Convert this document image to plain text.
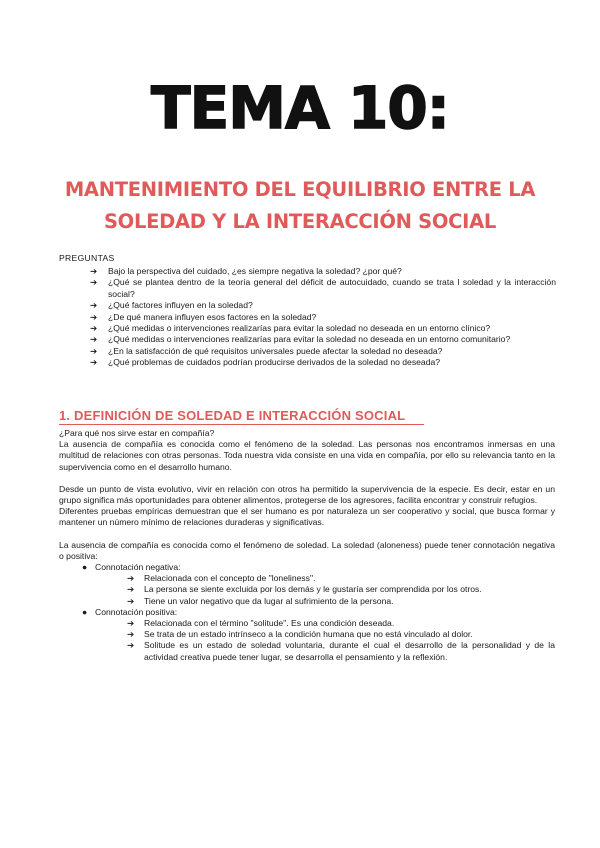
TEMA 10:
MANTENIMIENTO DEL EQUILIBRIO ENTRE LA
SOLEDAD Y LA INTERACCIÓN SOCIAL
PREGUNTAS
➔ Bajo la perspectiva del cuidado, ¿es siempre negativa la soledad? ¿por qué?
➔ ¿Qué se plantea dentro de la teoría general del déficit de autocuidado, cuando se trata l soledad y la interacción social?
➔ ¿Qué factores influyen en la soledad?
➔ ¿De qué manera influyen esos factores en la soledad?
➔ ¿Qué medidas o intervenciones realizarías para evitar la soledad no deseada en un entorno clínico?
➔ ¿Qué medidas o intervenciones realizarías para evitar la soledad no deseada en un entorno comunitario?
➔ ¿En la satisfacción de qué requisitos universales puede afectar la soledad no deseada?
➔ ¿Qué problemas de cuidados podrían producirse derivados de la soledad no deseada?
1. DEFINICIÓN DE SOLEDAD E INTERACCIÓN SOCIAL

¿Para qué nos sirve estar en compañía?

La ausencia de compañía es conocida como el fenómeno de la soledad. Las personas nos encontramos inmersas en una multitud de relaciones con otras personas. Toda nuestra vida consiste en una vida en compañía, por ello su relevancia tanto en la supervivencia como en el desarrollo humano.

Desde un punto de vista evolutivo, vivir en relación con otros ha permitido la supervivencia de la especie. Es decir, estar en un grupo significa más oportunidades para obtener alimentos, protegerse de los agresores, facilita encontrar y construir refugios.

Diferentes pruebas empíricas demuestran que el ser humano es por naturaleza un ser cooperativo y social, que busca formar y mantener un número mínimo de relaciones duraderas y significativas.

La ausencia de compañía es conocida como el fenómeno de soledad. La soledad (aloneness) puede tener connotación negativa o positiva:

● Connotación negativa:

➔ Relacionada con el concepto de "loneliness".

➔ La persona se siente excluida por los demás y le gustaría ser comprendida por los otros.

➔ Tiene un valor negativo que da lugar al sufrimiento de la persona.

● Connotación positiva:

➔ Relacionada con el término "solitude". Es una condición deseada.

➔ Se trata de un estado intrínseco a la condición humana que no está vinculado al dolor.

➔ Solitude es un estado de soledad voluntaria, durante el cual el desarrollo de la personalidad y de la actividad creativa puede tener lugar, se desarrolla el pensamiento y la reflexión.
